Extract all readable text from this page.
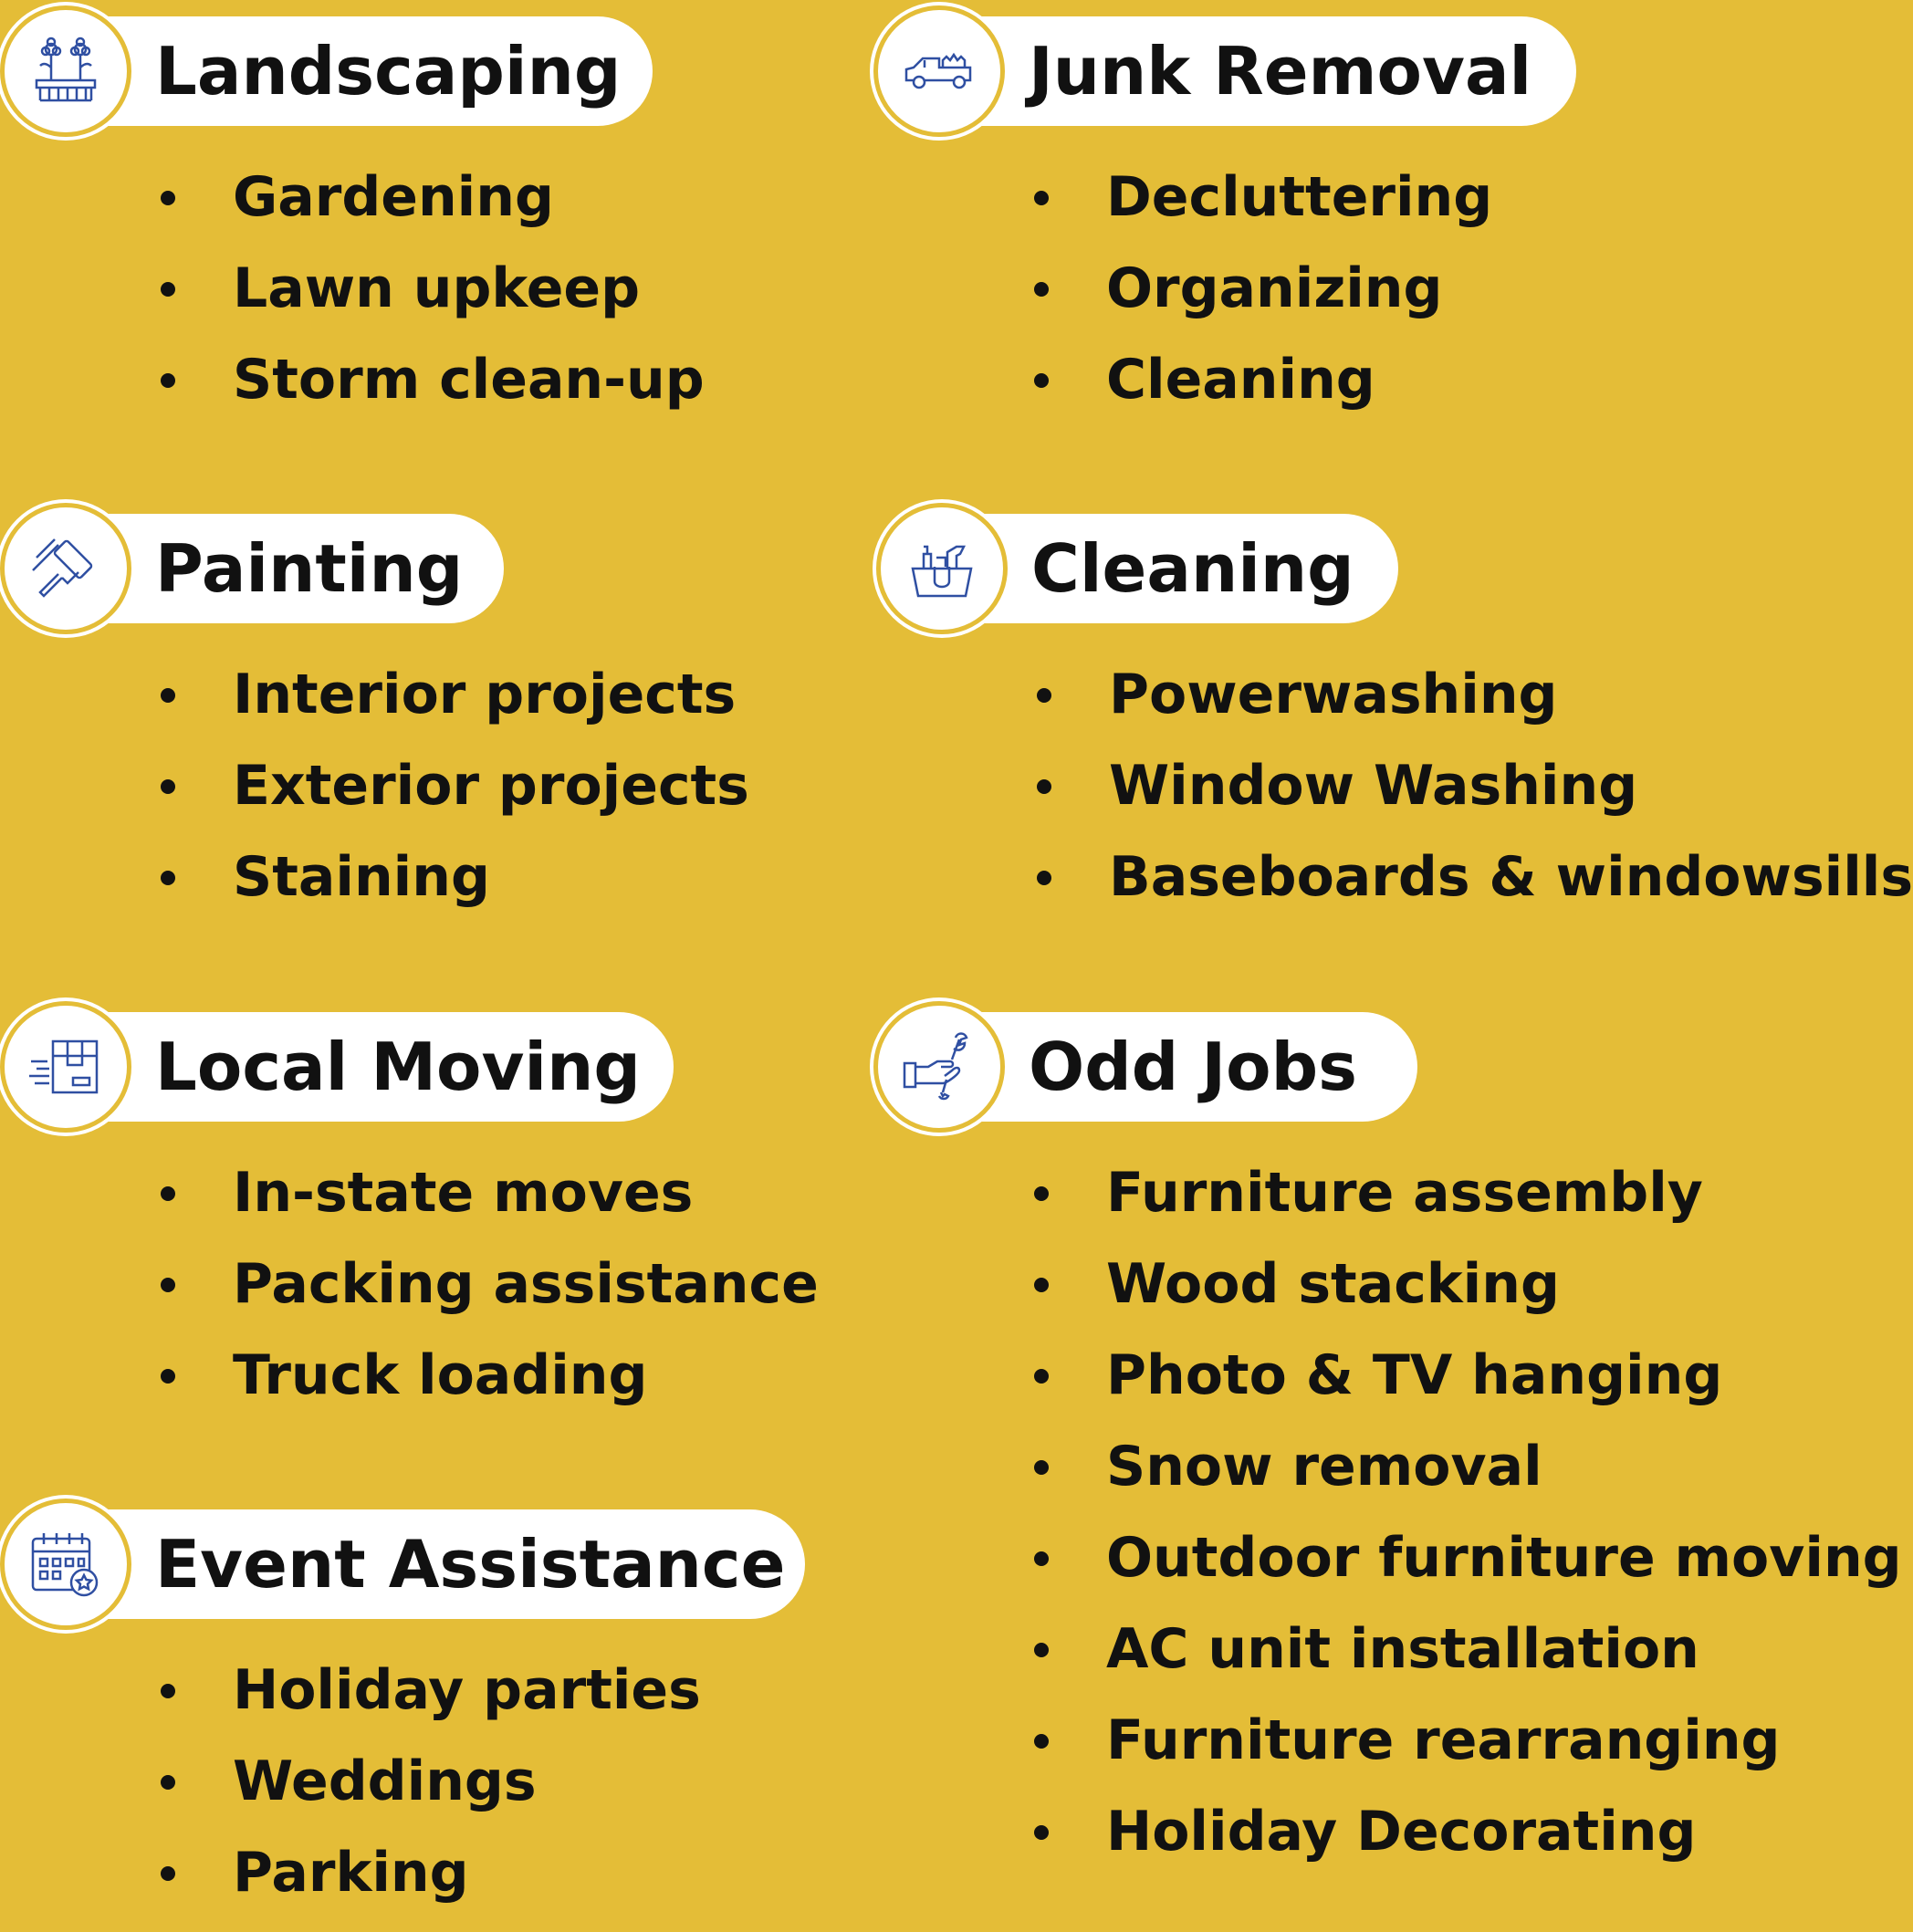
Landscaping
Gardening
Lawn upkeep
Storm clean-up
Junk Removal
Decluttering
Organizing
Cleaning
Painting
Interior projects
Exterior projects
Staining
Cleaning
Powerwashing
Window Washing
Baseboards & windowsills
Local Moving
In-state moves
Packing assistance
Truck loading
Odd Jobs
Furniture assembly
Wood stacking
Photo & TV hanging
Snow removal
Outdoor furniture moving
AC unit installation
Furniture rearranging
Holiday Decorating
Event Assistance
Holiday parties
Weddings
Parking
